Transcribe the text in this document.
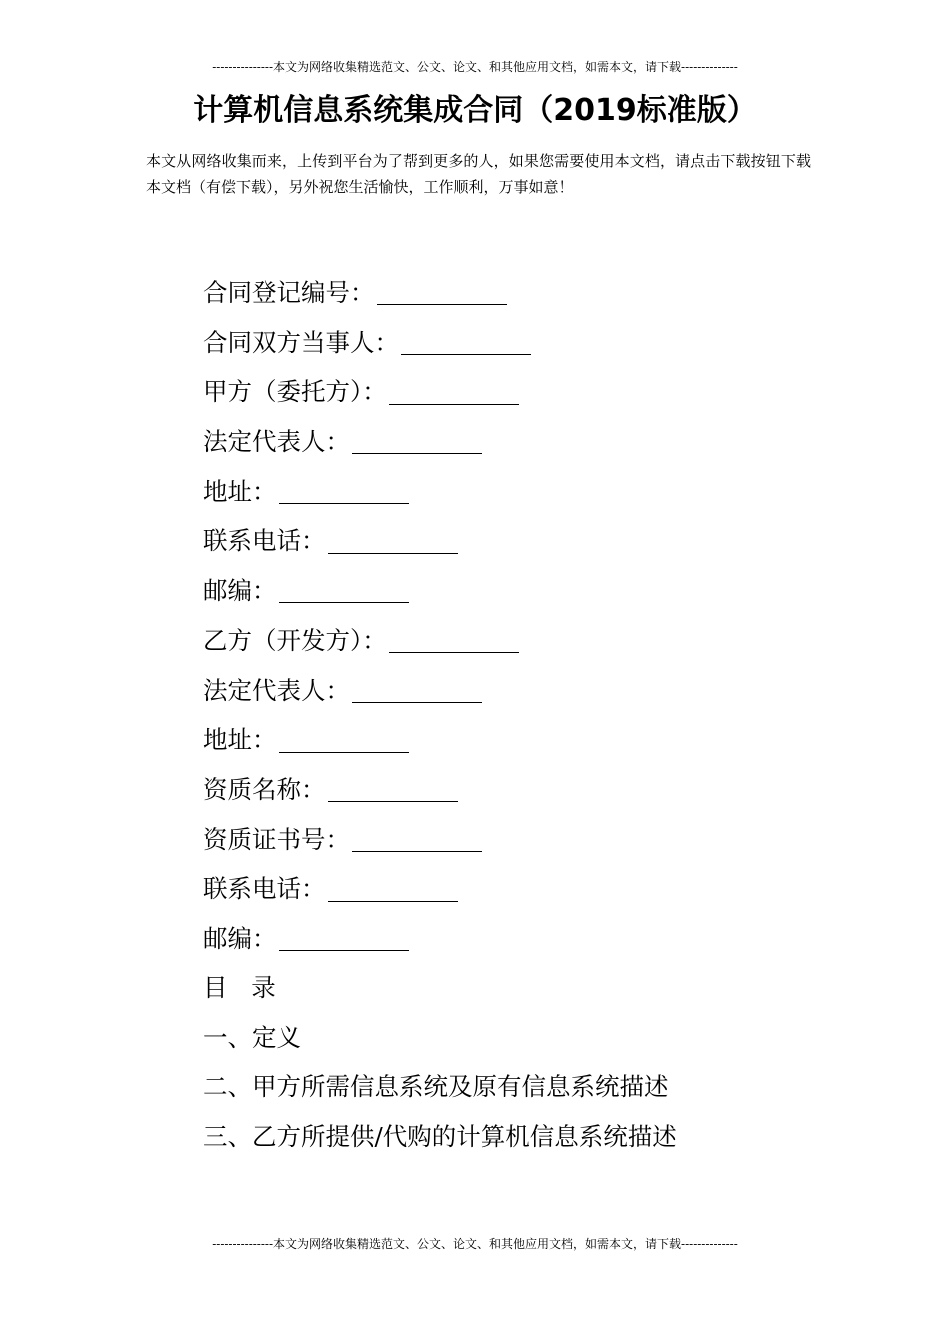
---------------本文为网络收集精选范文、公文、论文、和其他应用文档，如需本文，请下载--------------
计算机信息系统集成合同（2019标准版）

本文从网络收集而来，上传到平台为了帮到更多的人，如果您需要使用本文档，请点击下载按钮下载本文档（有偿下载），另外祝您生活愉快，工作顺利，万事如意！

合同登记编号：
合同双方当事人：
甲方（委托方）：
法定代表人：
地址：
联系电话：
邮编：
乙方（开发方）：
法定代表人：
地址：
资质名称：
资质证书号：
联系电话：
邮编：
目 录
一、定义
二、甲方所需信息系统及原有信息系统描述
三、乙方所提供/代购的计算机信息系统描述
---------------本文为网络收集精选范文、公文、论文、和其他应用文档，如需本文，请下载--------------
